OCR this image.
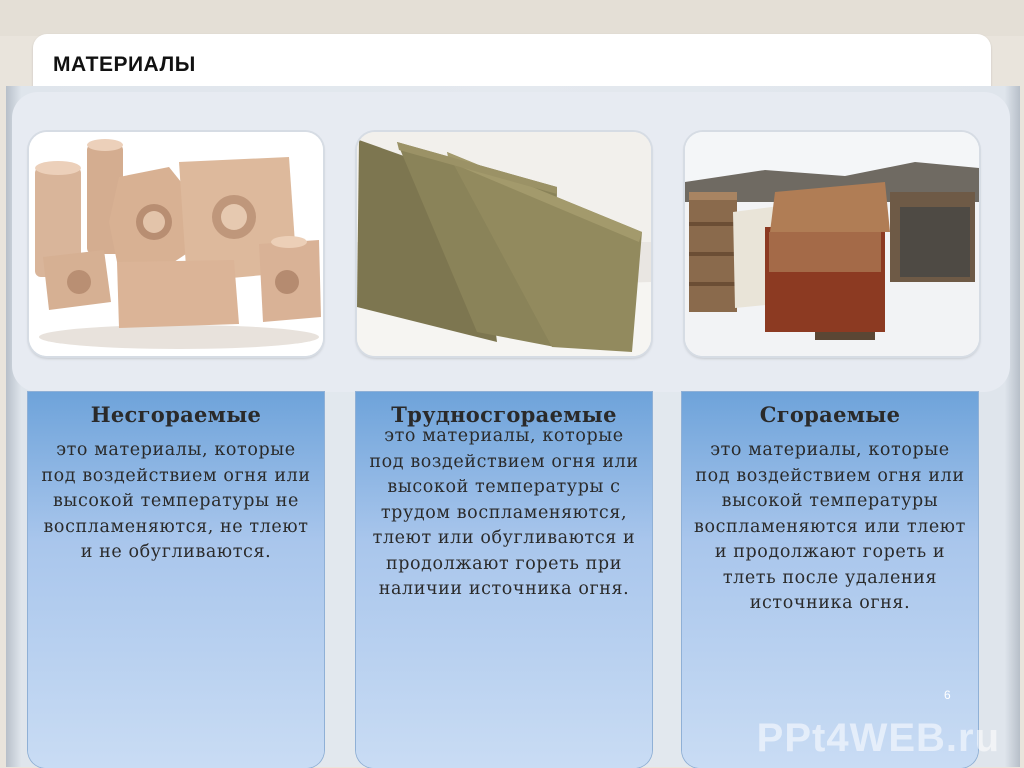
МАТЕРИАЛЫ
Несгораемые
это материалы, которые под воздействием огня или высокой температуры не воспламеняются, не тлеют и не обугливаются.
Трудносгораемые
это материалы, которые под воздействием огня или высокой температуры с трудом воспламеняются, тлеют или обугливаются и продолжают гореть при наличии источника огня.
Сгораемые
это материалы, которые под воздействием огня или высокой температуры воспламеняются или тлеют и продолжают гореть и тлеть после удаления источника огня.
6
PPt4WEB.ru
